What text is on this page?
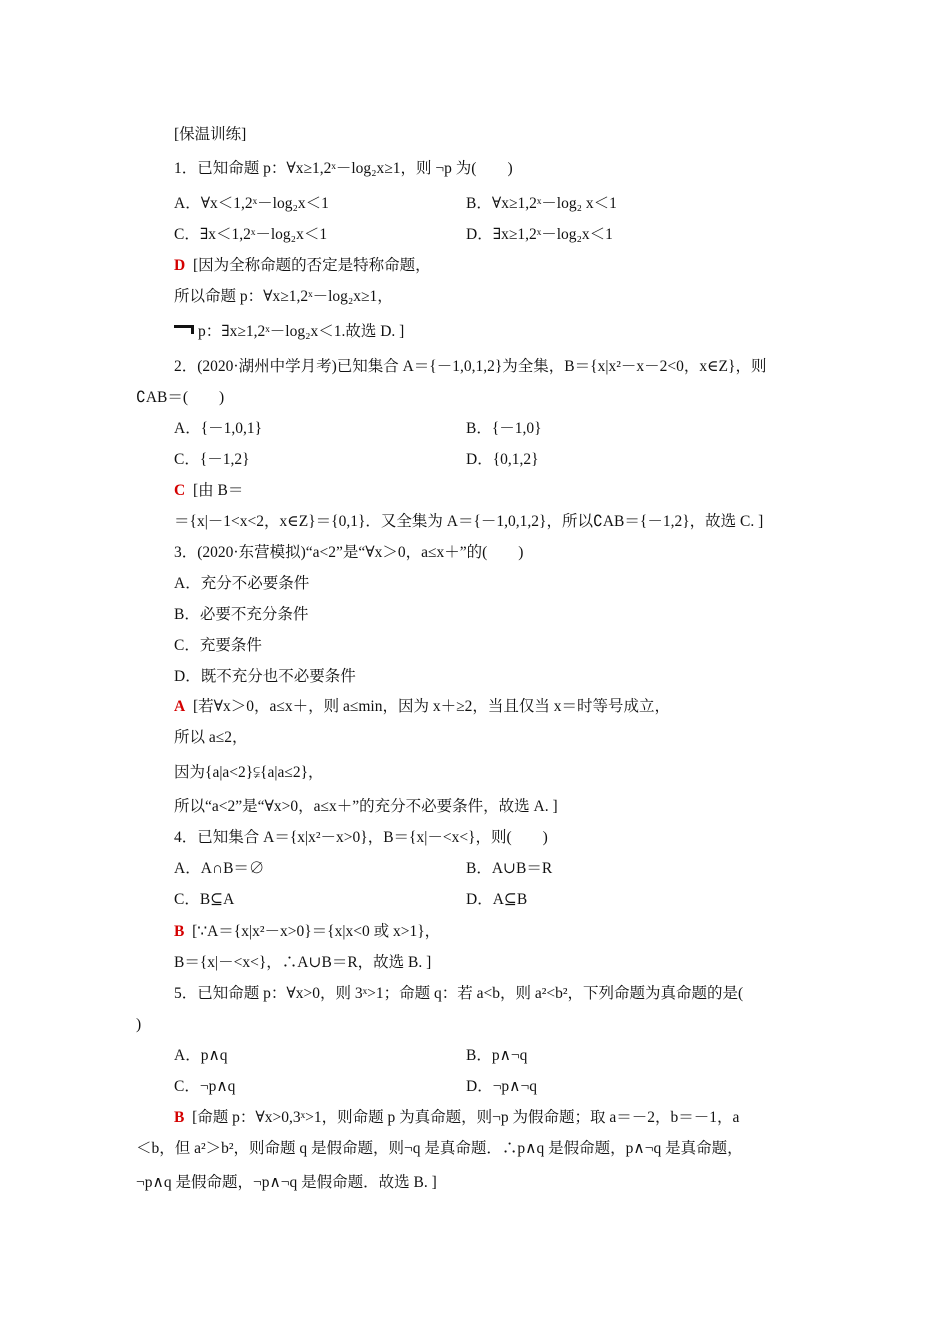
[保温训练]
1．已知命题 p：∀x≥1,2ˣ－log₂x≥1，则 ¬p 为(　　)
A．∀x＜1,2ˣ－log₂x＜1	B．∀x≥1,2ˣ－log₂ x＜1
C．∃x＜1,2ˣ－log₂x＜1	D．∃x≥1,2ˣ－log₂x＜1
D [因为全称命题的否定是特称命题，
所以命题 p：∀x≥1,2ˣ－log₂x≥1，
p：∃x≥1,2ˣ－log₂x＜1.故选 D. ]
2．(2020·湖州中学月考)已知集合 A＝{－1,0,1,2}为全集，B＝{x|x²－x－2<0，x∈Z}，则
∁AB＝(　　)
A．{－1,0,1}	B．{－1,0}
C．{－1,2}	D．{0,1,2}
C [由 B＝
＝{x|－1<x<2，x∈Z}＝{0,1}．又全集为 A＝{－1,0,1,2}，所以∁AB＝{－1,2}，故选 C. ]
3．(2020·东营模拟)“a<2”是“∀x＞0，a≤x＋”的(　　)
A．充分不必要条件
B．必要不充分条件
C．充要条件
D．既不充分也不必要条件
A [若∀x＞0，a≤x＋，则 a≤min，因为 x＋≥2，当且仅当 x＝时等号成立，
所以 a≤2，
因为{a|a<2}⫋{a|a≤2}，
所以“a<2”是“∀x>0，a≤x＋”的充分不必要条件，故选 A. ]
4．已知集合 A＝{x|x²－x>0}，B＝{x|－<x<}，则(　　)
A．A∩B＝∅	B．A∪B＝R
C．B⊆A	D．A⊆B
B [∵A＝{x|x²－x>0}＝{x|x<0 或 x>1}，
B＝{x|－<x<}，∴A∪B＝R，故选 B. ]
5．已知命题 p：∀x>0，则 3ˣ>1；命题 q：若 a<b，则 a²<b²，下列命题为真命题的是(
)
A．p∧q	B．p∧¬q
C．¬p∧q	D．¬p∧¬q
B [命题 p：∀x>0,3ˣ>1，则命题 p 为真命题，则¬p 为假命题；取 a＝－2，b＝－1，a
＜b，但 a²＞b²，则命题 q 是假命题，则¬q 是真命题．∴p∧q 是假命题，p∧¬q 是真命题，
¬p∧q 是假命题，¬p∧¬q 是假命题．故选 B. ]
